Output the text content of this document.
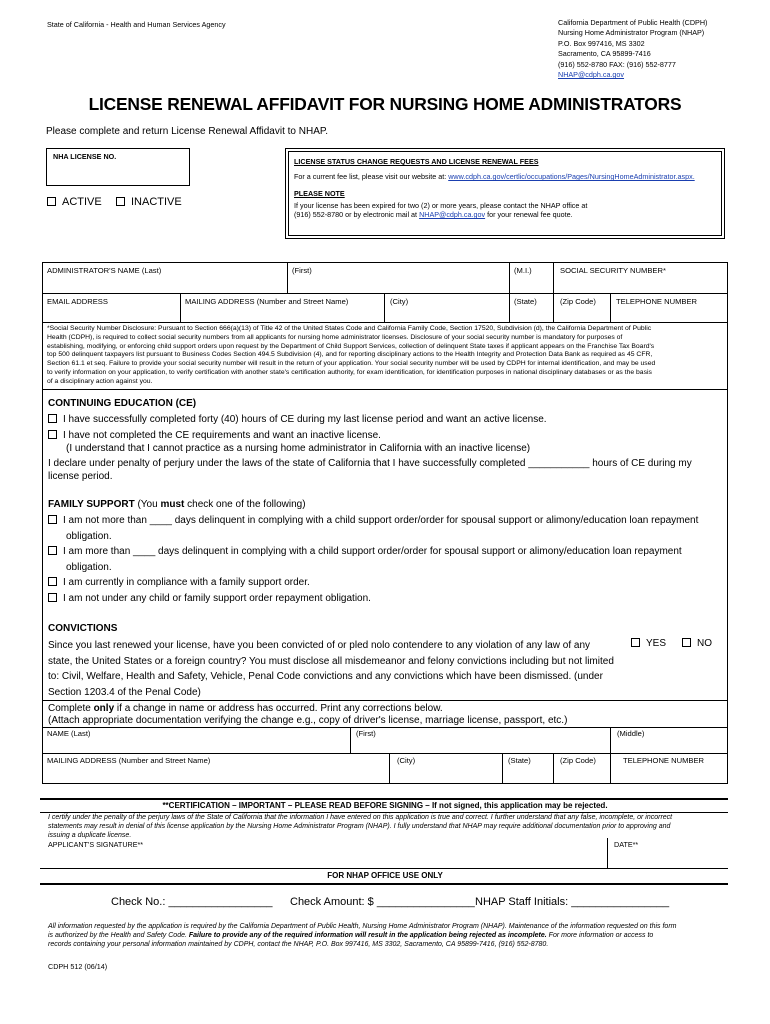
State of California - Health and Human Services Agency	California Department of Public Health (CDPH)
Nursing Home Administrator Program (NHAP)
P.O. Box 997416, MS 3302
Sacramento, CA 95899-7416
(916) 552-8780 FAX: (916) 552-8777
NHAP@cdph.ca.gov
LICENSE RENEWAL AFFIDAVIT FOR NURSING HOME ADMINISTRATORS
Please complete and return License Renewal Affidavit to NHAP.
NHA LICENSE NO.
ACTIVE	INACTIVE
LICENSE STATUS CHANGE REQUESTS AND LICENSE RENEWAL FEES
For a current fee list, please visit our website at: www.cdph.ca.gov/certlic/occupations/Pages/NursingHomeAdministrator.aspx.
PLEASE NOTE
If your license has been expired for two (2) or more years, please contact the NHAP office at
(916) 552-8780 or by electronic mail at NHAP@cdph.ca.gov for your renewal fee quote.
ADMINISTRATOR'S NAME (Last)	(First)	(M.I.)	SOCIAL SECURITY NUMBER*
EMAIL ADDRESS	MAILING ADDRESS (Number and Street Name)	(City)	(State)	(Zip Code)	TELEPHONE NUMBER
*Social Security Number Disclosure: Pursuant to Section 666(a)(13) of Title 42 of the United States Code and California Family Code, Section 17520, Subdivision (d), the California Department of Public
Health (CDPH), is required to collect social security numbers from all applicants for nursing home administrator licenses. Disclosure of your social security number is mandatory for purposes of
establishing, modifying, or enforcing child support orders upon request by the Department of Child Support Services, collection of delinquent State taxes if applicant appears on the Franchise Tax Board's
top 500 delinquent taxpayers list pursuant to Business Codes Section 494.5 Subdivision (4), and for reporting disciplinary actions to the Health Integrity and Protection Data Bank as required as 45 CFR,
Section 61.1 et seq. Failure to provide your social security number will result in the return of your application. Your social security number will be used by CDPH for internal identification, and may be used
to verify information on your application, to verify certification with another state's certification authority, for exam identification, for identification purposes in national disciplinary databases or as the basis
of a disciplinary action against you.
CONTINUING EDUCATION (CE)
I have successfully completed forty (40) hours of CE during my last license period and want an active license.
I have not completed the CE requirements and want an inactive license.
(I understand that I cannot practice as a nursing home administrator in California with an inactive license)
I declare under penalty of perjury under the laws of the state of California that I have successfully completed ___________ hours of CE during my
license period.
FAMILY SUPPORT (You must check one of the following)
I am not more than ____ days delinquent in complying with a child support order/order for spousal support or alimony/education loan repayment
obligation.
I am more than ____ days delinquent in complying with a child support order/order for spousal support or alimony/education loan repayment
obligation.
I am currently in compliance with a family support order.
I am not under any child or family support order repayment obligation.
CONVICTIONS
Since you last renewed your license, have you been convicted of or pled nolo contendere to any violation of any law of any
state, the United States or a foreign country? You must disclose all misdemeanor and felony convictions including but not limited
to: Civil, Welfare, Health and Safety, Vehicle, Penal Code convictions and any convictions which have been dismissed. (under
Section 1203.4 of the Penal Code)
YES	NO
Complete only if a change in name or address has occurred. Print any corrections below.
(Attach appropriate documentation verifying the change e.g., copy of driver's license, marriage license, passport, etc.)
NAME (Last)	(First)	(Middle)
MAILING ADDRESS (Number and Street Name)	(City)	(State)	(Zip Code)	TELEPHONE NUMBER
**CERTIFICATION – IMPORTANT – PLEASE READ BEFORE SIGNING – If not signed, this application may be rejected.
I certify under the penalty of the perjury laws of the State of California that the information I have entered on this application is true and correct. I further understand that any false, incomplete, or incorrect
statements may result in denial of this license application by the Nursing Home Administrator Program (NHAP). I fully understand that NHAP may require additional documentation prior to approving and
issuing a duplicate license.
APPLICANT'S SIGNATURE**	DATE**
FOR NHAP OFFICE USE ONLY
Check No.: _________________ Check Amount: $ ________________ NHAP Staff Initials: ________________
All information requested by the application is required by the California Department of Public Health, Nursing Home Administrator Program (NHAP). Maintenance of the information requested on this form
is authorized by the Health and Safety Code. Failure to provide any of the required information will result in the application being rejected as incomplete. For more information or access to
records containing your personal information maintained by CDPH, contact the NHAP, P.O. Box 997416, MS 3302, Sacramento, CA 95899-7416, (916) 552-8780.
CDPH 512 (06/14)
